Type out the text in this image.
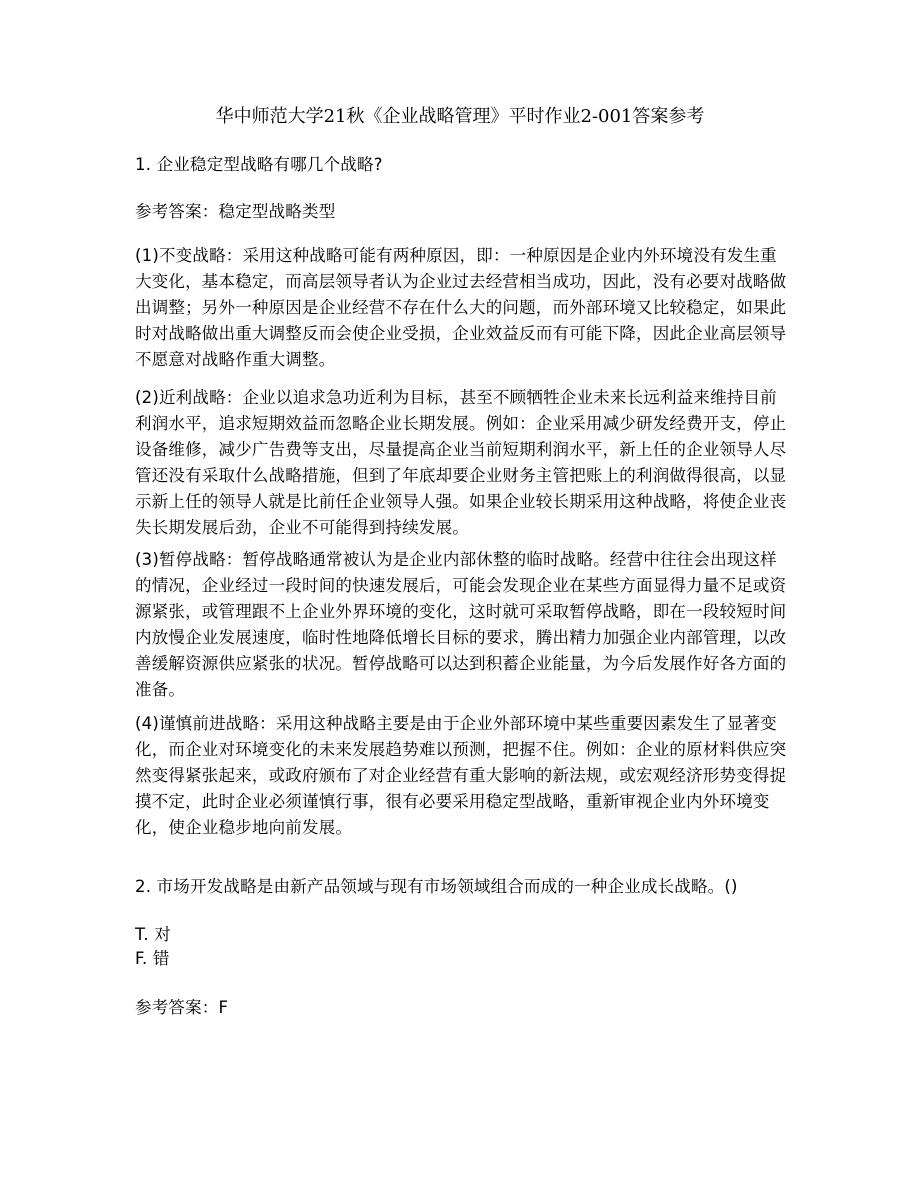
华中师范大学21秋《企业战略管理》平时作业2-001答案参考

1. 企业稳定型战略有哪几个战略?

参考答案：稳定型战略类型

(1)不变战略：采用这种战略可能有两种原因，即：一种原因是企业内外环境没有发生重大变化，基本稳定，而高层领导者认为企业过去经营相当成功，因此，没有必要对战略做出调整；另外一种原因是企业经营不存在什么大的问题，而外部环境又比较稳定，如果此时对战略做出重大调整反而会使企业受损，企业效益反而有可能下降，因此企业高层领导不愿意对战略作重大调整。

(2)近利战略：企业以追求急功近利为目标，甚至不顾牺牲企业未来长远利益来维持目前利润水平，追求短期效益而忽略企业长期发展。例如：企业采用减少研发经费开支，停止设备维修，减少广告费等支出，尽量提高企业当前短期利润水平，新上任的企业领导人尽管还没有采取什么战略措施，但到了年底却要企业财务主管把账上的利润做得很高，以显示新上任的领导人就是比前任企业领导人强。如果企业较长期采用这种战略，将使企业丧失长期发展后劲，企业不可能得到持续发展。

(3)暂停战略：暂停战略通常被认为是企业内部休整的临时战略。经营中往往会出现这样的情况，企业经过一段时间的快速发展后，可能会发现企业在某些方面显得力量不足或资源紧张，或管理跟不上企业外界环境的变化，这时就可采取暂停战略，即在一段较短时间内放慢企业发展速度，临时性地降低增长目标的要求，腾出精力加强企业内部管理，以改善缓解资源供应紧张的状况。暂停战略可以达到积蓄企业能量，为今后发展作好各方面的准备。

(4)谨慎前进战略：采用这种战略主要是由于企业外部环境中某些重要因素发生了显著变化，而企业对环境变化的未来发展趋势难以预测，把握不住。例如：企业的原材料供应突然变得紧张起来，或政府颁布了对企业经营有重大影响的新法规，或宏观经济形势变得捉摸不定，此时企业必须谨慎行事，很有必要采用稳定型战略，重新审视企业内外环境变化，使企业稳步地向前发展。

2. 市场开发战略是由新产品领域与现有市场领域组合而成的一种企业成长战略。()

T. 对

F. 错

参考答案：F
